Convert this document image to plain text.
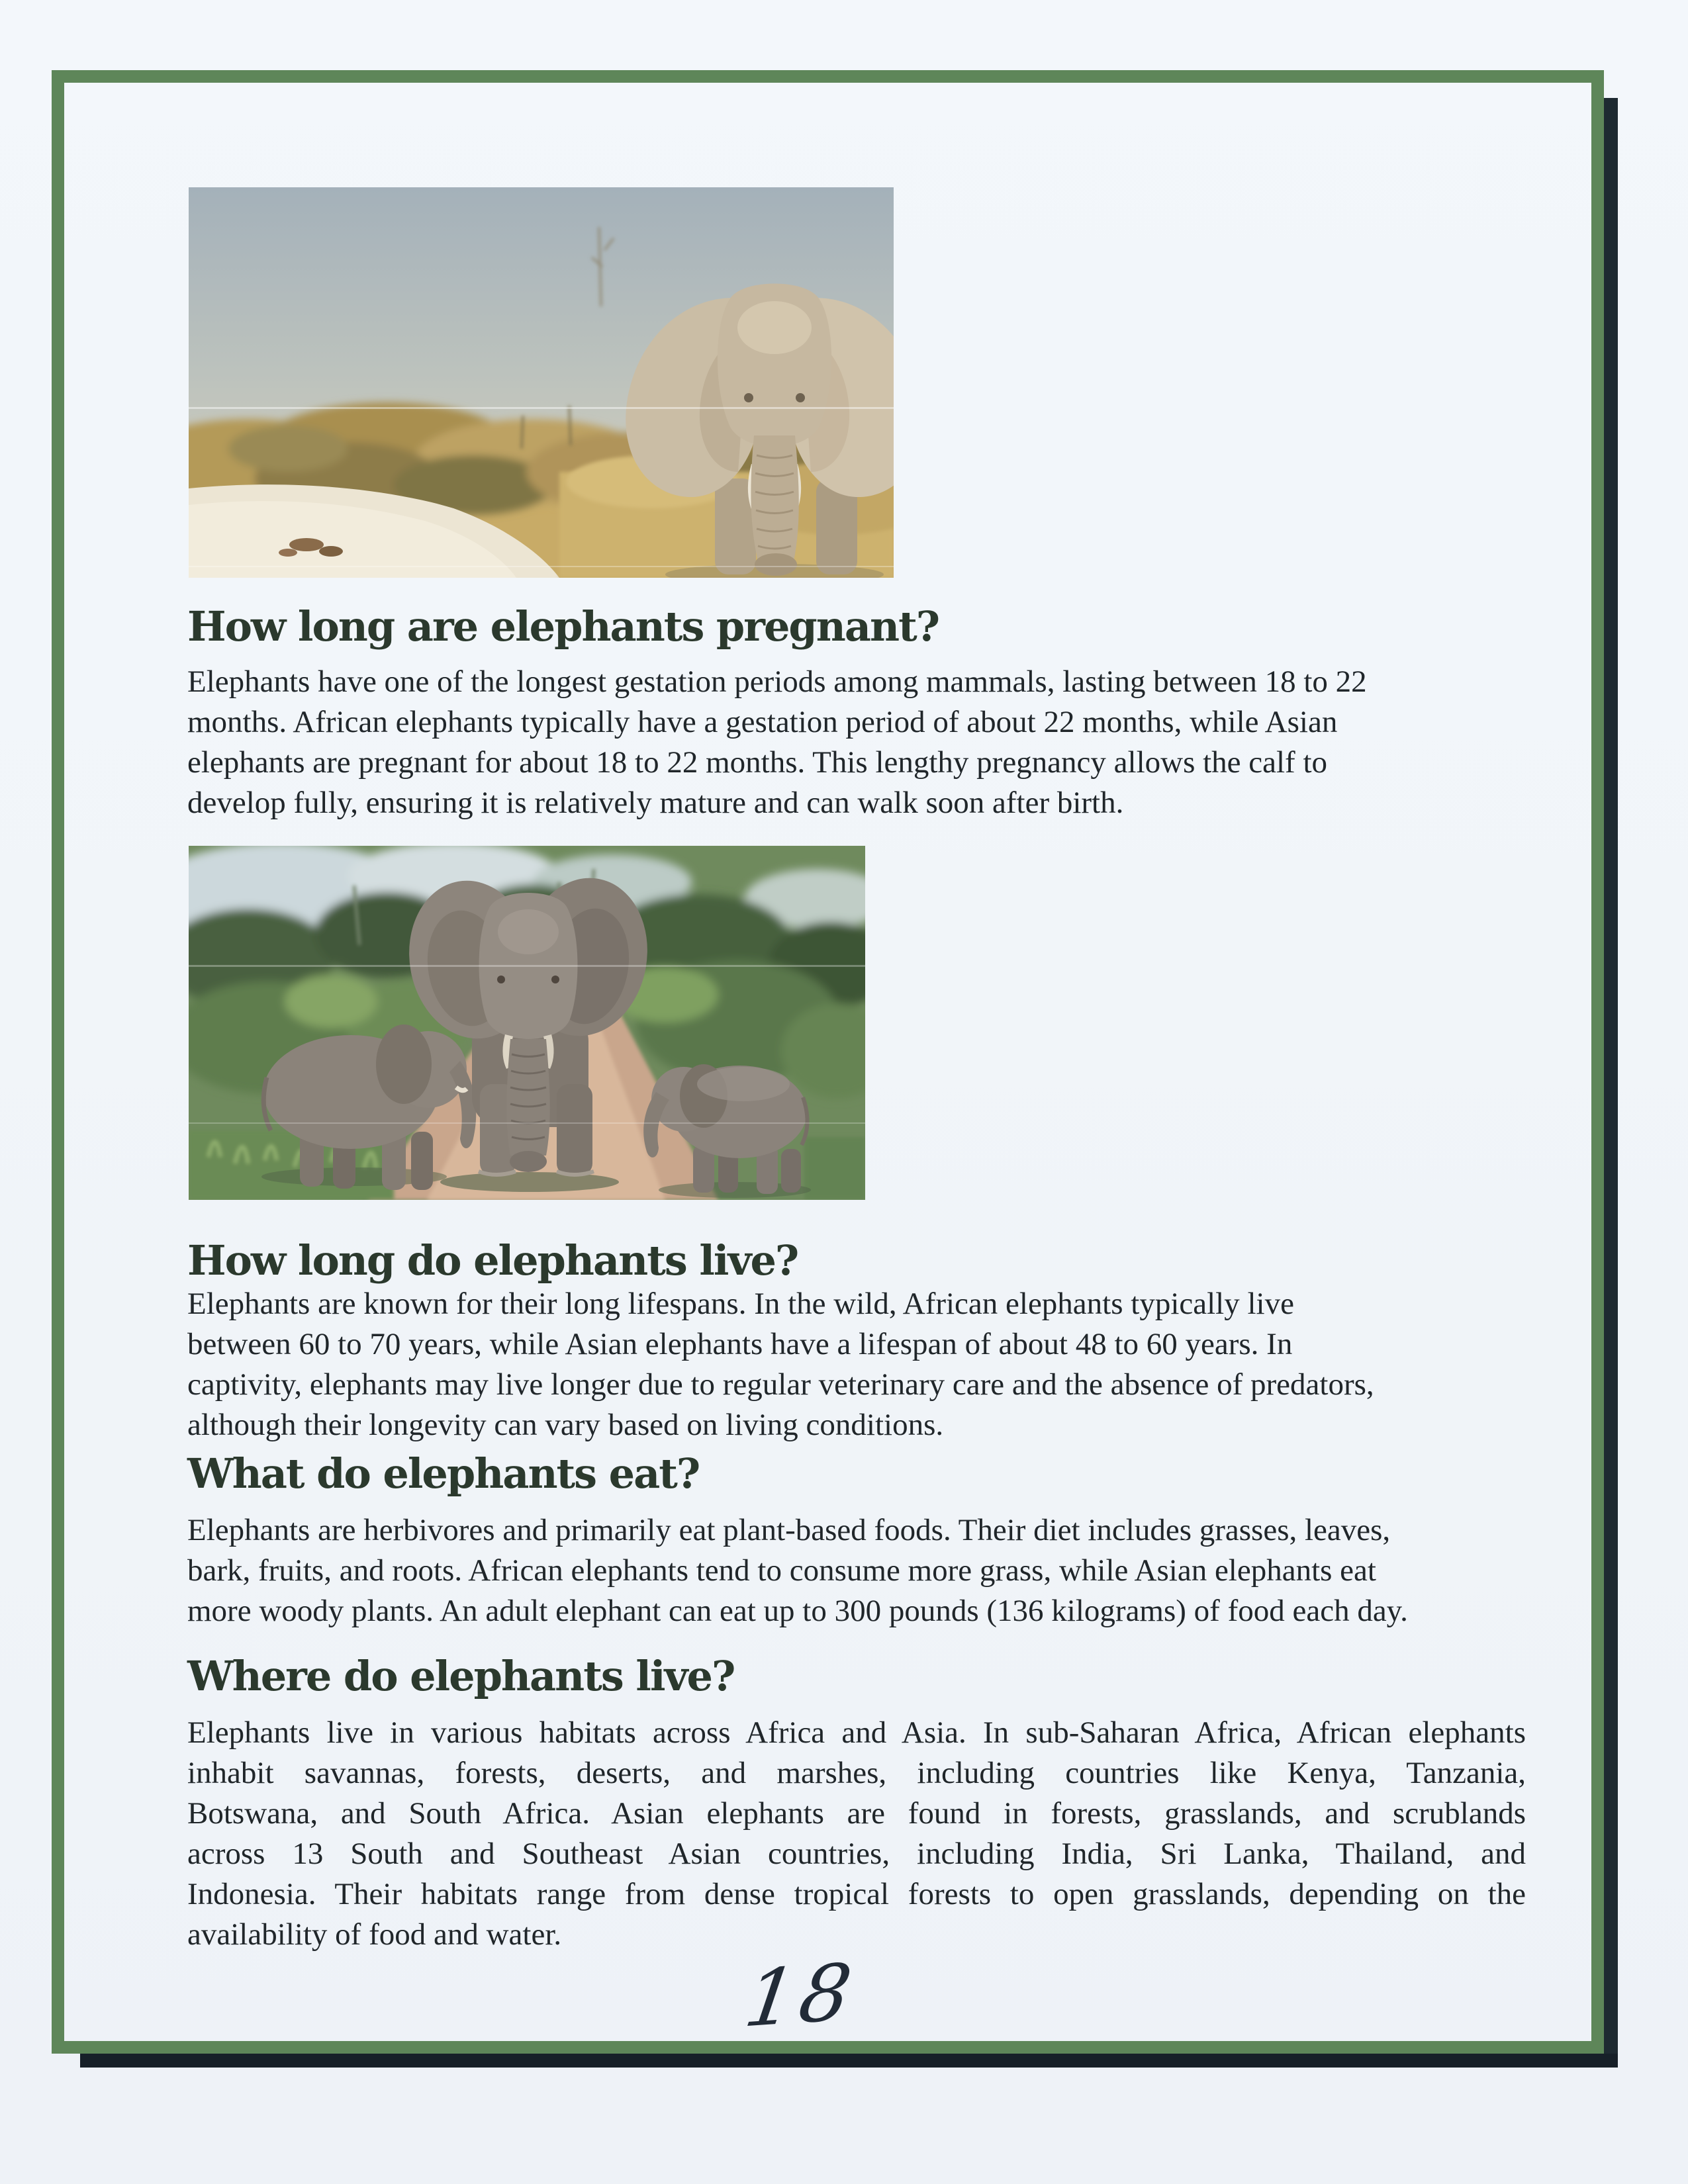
How long are elephants pregnant?
Elephants have one of the longest gestation periods among mammals, lasting between 18 to 22
months. African elephants typically have a gestation period of about 22 months, while Asian
elephants are pregnant for about 18 to 22 months. This lengthy pregnancy allows the calf to
develop fully, ensuring it is relatively mature and can walk soon after birth.
How long do elephants live?
Elephants are known for their long lifespans. In the wild, African elephants typically live
between 60 to 70 years, while Asian elephants have a lifespan of about 48 to 60 years. In
captivity, elephants may live longer due to regular veterinary care and the absence of predators,
although their longevity can vary based on living conditions.
What do elephants eat?
Elephants are herbivores and primarily eat plant-based foods. Their diet includes grasses, leaves,
bark, fruits, and roots. African elephants tend to consume more grass, while Asian elephants eat
more woody plants. An adult elephant can eat up to 300 pounds (136 kilograms) of food each day.
Where do elephants live?
Elephants live in various habitats across Africa and Asia. In sub-Saharan Africa, African elephants
inhabit savannas, forests, deserts, and marshes, including countries like Kenya, Tanzania,
Botswana, and South Africa. Asian elephants are found in forests, grasslands, and scrublands
across 13 South and Southeast Asian countries, including India, Sri Lanka, Thailand, and
Indonesia. Their habitats range from dense tropical forests to open grasslands, depending on the
availability of food and water.
18
